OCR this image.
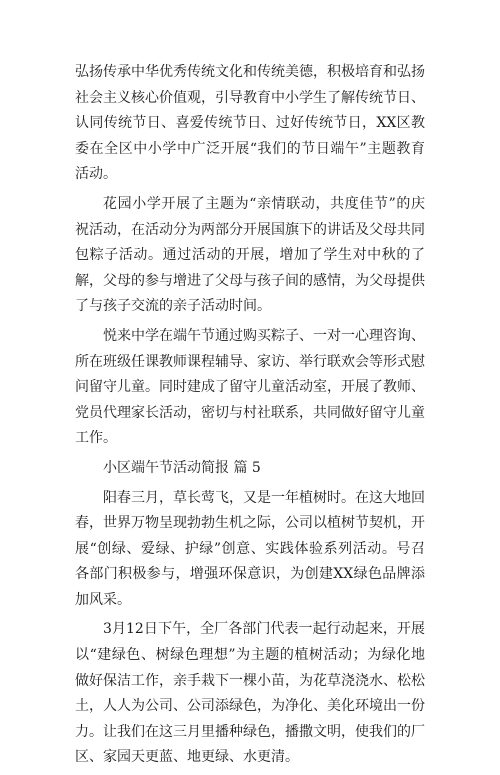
弘扬传承中华优秀传统文化和传统美德，积极培育和弘扬社会主义核心价值观，引导教育中小学生了解传统节日、认同传统节日、喜爱传统节日、过好传统节日，XX区教委在全区中小学中广泛开展“我们的节日端午”主题教育活动。

花园小学开展了主题为“亲情联动，共度佳节”的庆祝活动，在活动分为两部分开展国旗下的讲话及父母共同包粽子活动。通过活动的开展，增加了学生对中秋的了解，父母的参与增进了父母与孩子间的感情，为父母提供了与孩子交流的亲子活动时间。

悦来中学在端午节通过购买粽子、一对一心理咨询、所在班级任课教师课程辅导、家访、举行联欢会等形式慰问留守儿童。同时建成了留守儿童活动室，开展了教师、党员代理家长活动，密切与村社联系，共同做好留守儿童工作。

小区端午节活动简报 篇 5

阳春三月，草长莺飞，又是一年植树时。在这大地回春，世界万物呈现勃勃生机之际，公司以植树节契机，开展“创绿、爱绿、护绿”创意、实践体验系列活动。号召各部门积极参与，增强环保意识，为创建XX绿色品牌添加风采。

3月12日下午，全厂各部门代表一起行动起来，开展以“建绿色、树绿色理想”为主题的植树活动；为绿化地做好保洁工作，亲手栽下一棵小苗，为花草浇浇水、松松土，人人为公司、公司添绿色，为净化、美化环境出一份力。让我们在这三月里播种绿色，播撒文明，使我们的厂区、家园天更蓝、地更绿、水更清。
